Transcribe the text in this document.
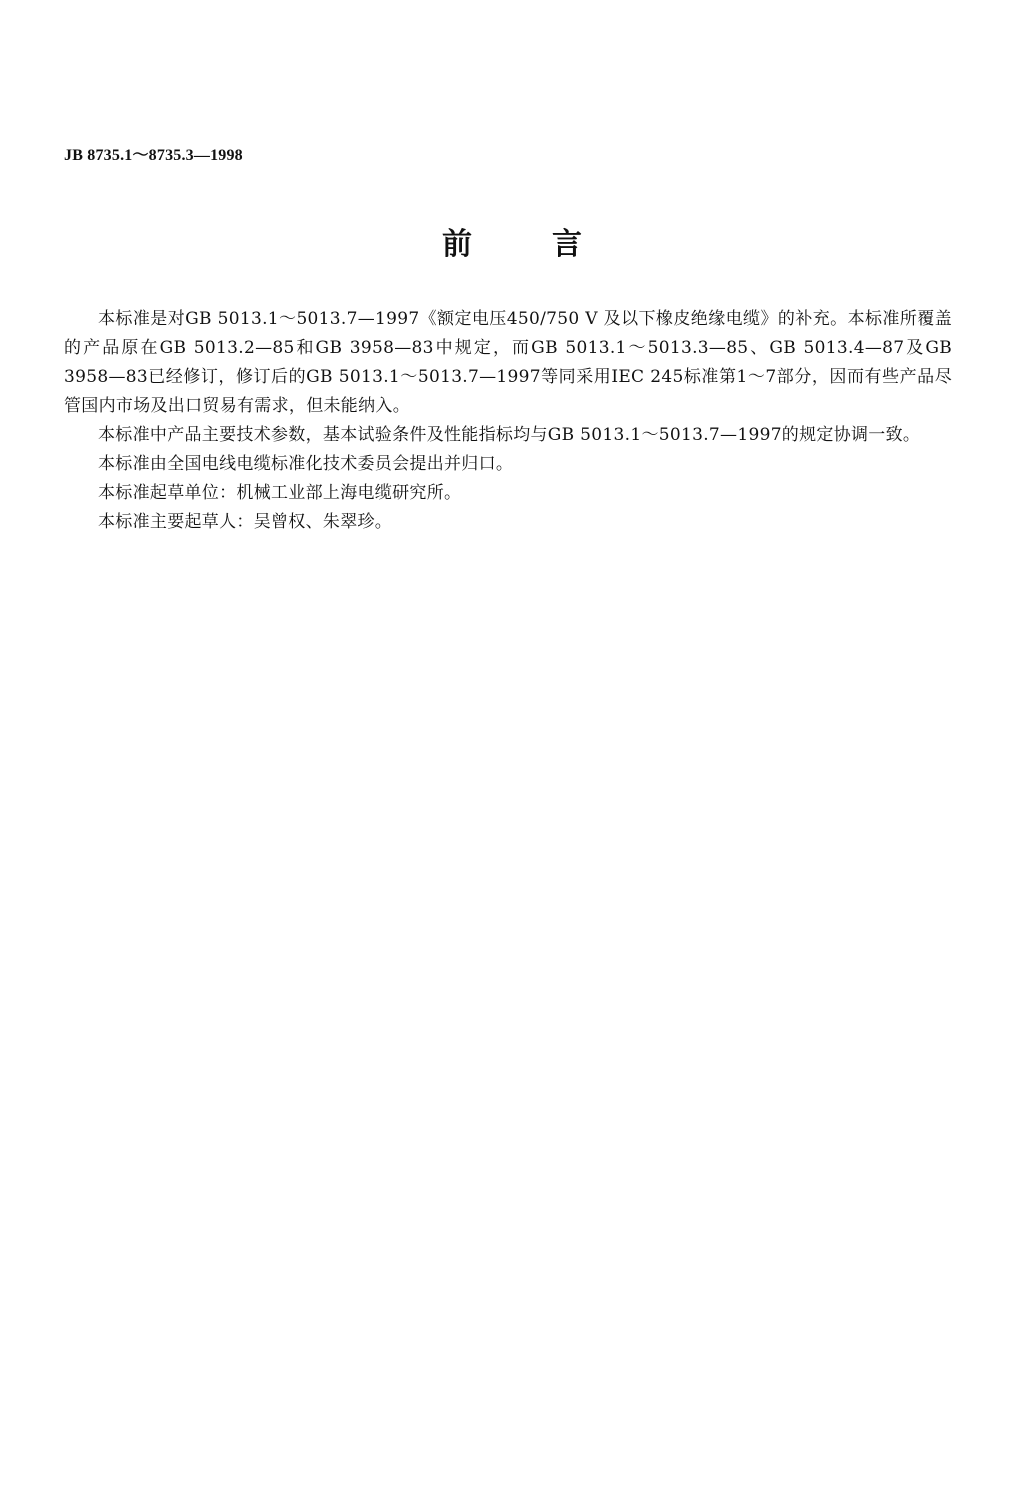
JB 8735.1～8735.3—1998
前	言

本标准是对GB 5013.1～5013.7—1997《额定电压450/750 V 及以下橡皮绝缘电缆》的补充。本标准所覆盖的产品原在GB 5013.2—85和GB 3958—83中规定，而GB 5013.1～5013.3—85、GB 5013.4—87及GB 3958—83已经修订，修订后的GB 5013.1～5013.7—1997等同采用IEC 245标准第1～7部分，因而有些产品尽管国内市场及出口贸易有需求，但未能纳入。

本标准中产品主要技术参数，基本试验条件及性能指标均与GB 5013.1～5013.7—1997的规定协调一致。

本标准由全国电线电缆标准化技术委员会提出并归口。

本标准起草单位：机械工业部上海电缆研究所。

本标准主要起草人：吴曾权、朱翠珍。
